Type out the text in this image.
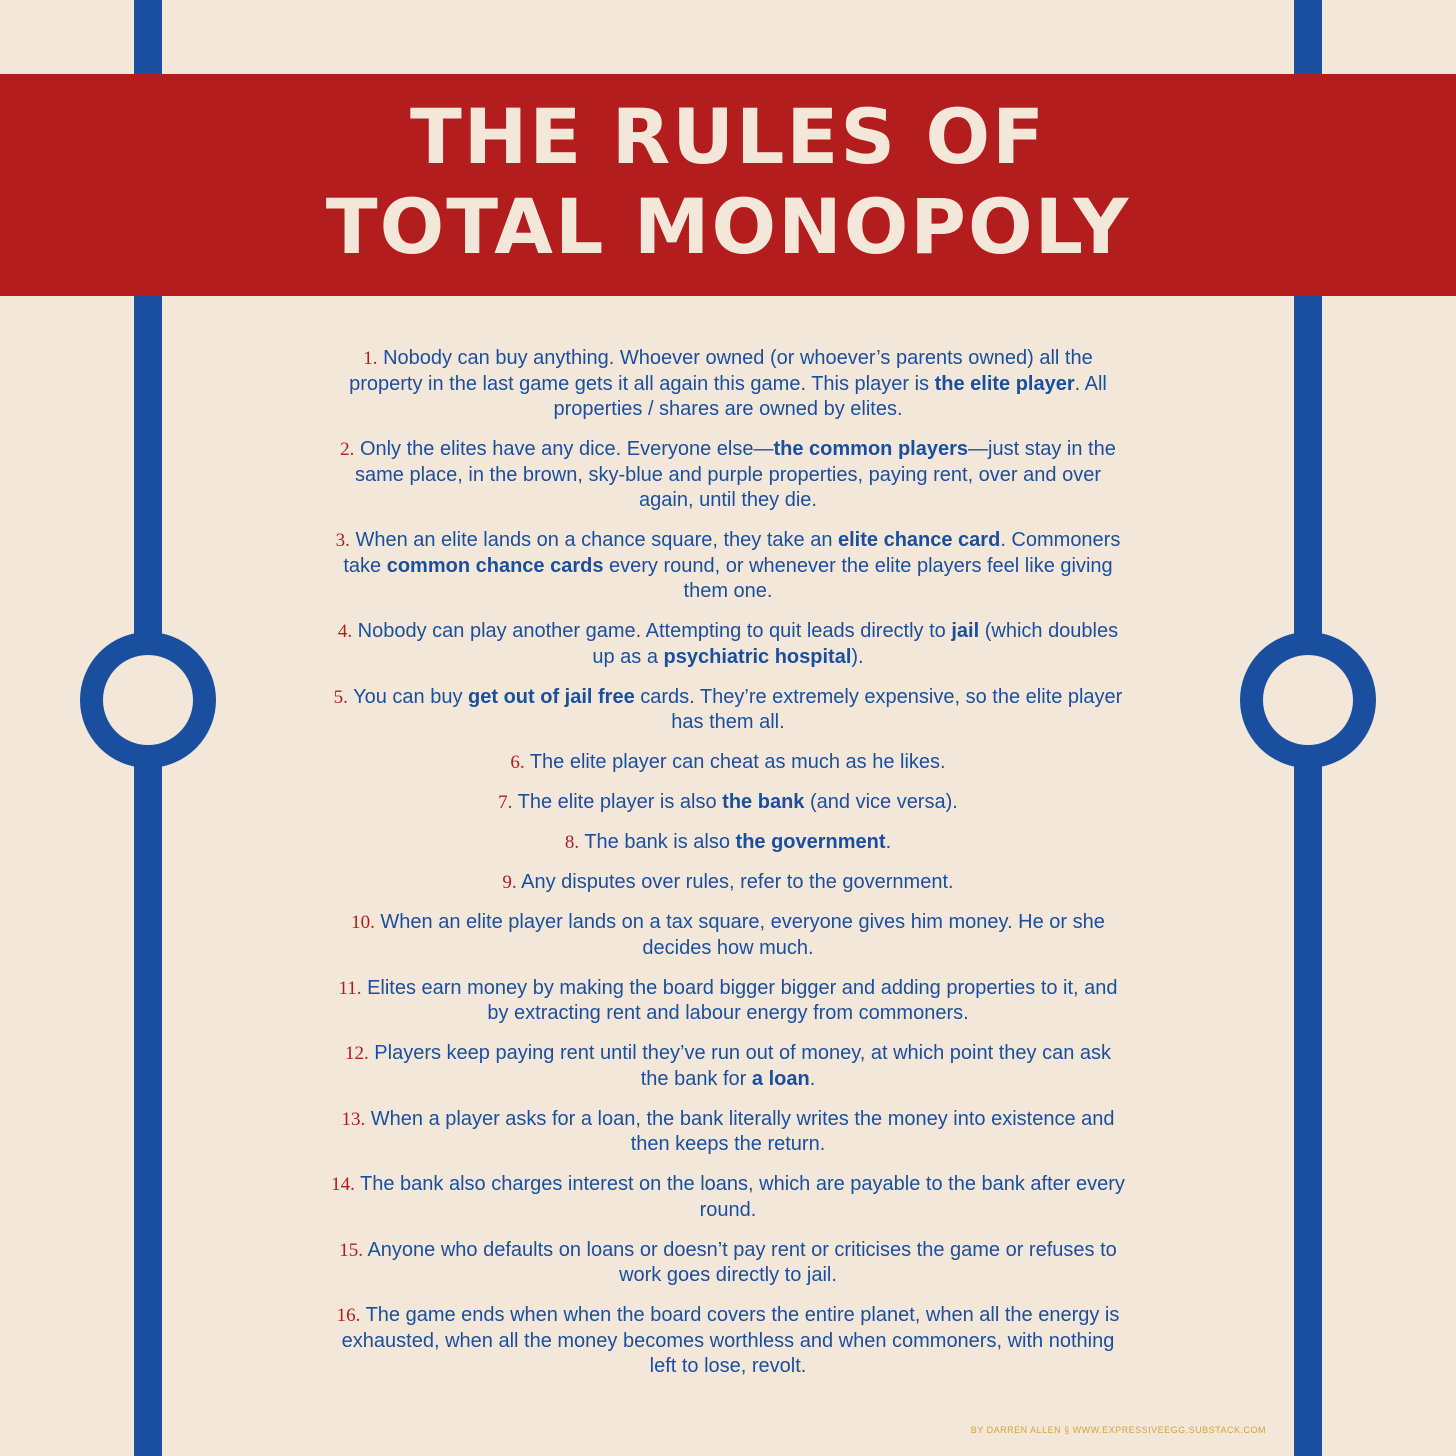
THE RULES OF
TOTAL MONOPOLY

1. Nobody can buy anything. Whoever owned (or whoever’s parents owned) all the property in the last game gets it all again this game. This player is the elite player. All properties / shares are owned by elites.

2. Only the elites have any dice. Everyone else—the common players—just stay in the same place, in the brown, sky-blue and purple properties, paying rent, over and over again, until they die.

3. When an elite lands on a chance square, they take an elite chance card. Commoners take common chance cards every round, or whenever the elite players feel like giving them one.

4. Nobody can play another game. Attempting to quit leads directly to jail (which doubles up as a psychiatric hospital).

5. You can buy get out of jail free cards. They’re extremely expensive, so the elite player has them all.

6. The elite player can cheat as much as he likes.

7. The elite player is also the bank (and vice versa).

8. The bank is also the government.

9. Any disputes over rules, refer to the government.

10. When an elite player lands on a tax square, everyone gives him money. He or she decides how much.

11. Elites earn money by making the board bigger bigger and adding properties to it, and by extracting rent and labour energy from commoners.

12. Players keep paying rent until they’ve run out of money, at which point they can ask the bank for a loan.

13. When a player asks for a loan, the bank literally writes the money into existence and then keeps the return.

14. The bank also charges interest on the loans, which are payable to the bank after every round.

15. Anyone who defaults on loans or doesn’t pay rent or criticises the game or refuses to work goes directly to jail.

16. The game ends when when the board covers the entire planet, when all the energy is exhausted, when all the money becomes worthless and when commoners, with nothing left to lose, revolt.

BY DARREN ALLEN § WWW.EXPRESSIVEEGG.SUBSTACK.COM
